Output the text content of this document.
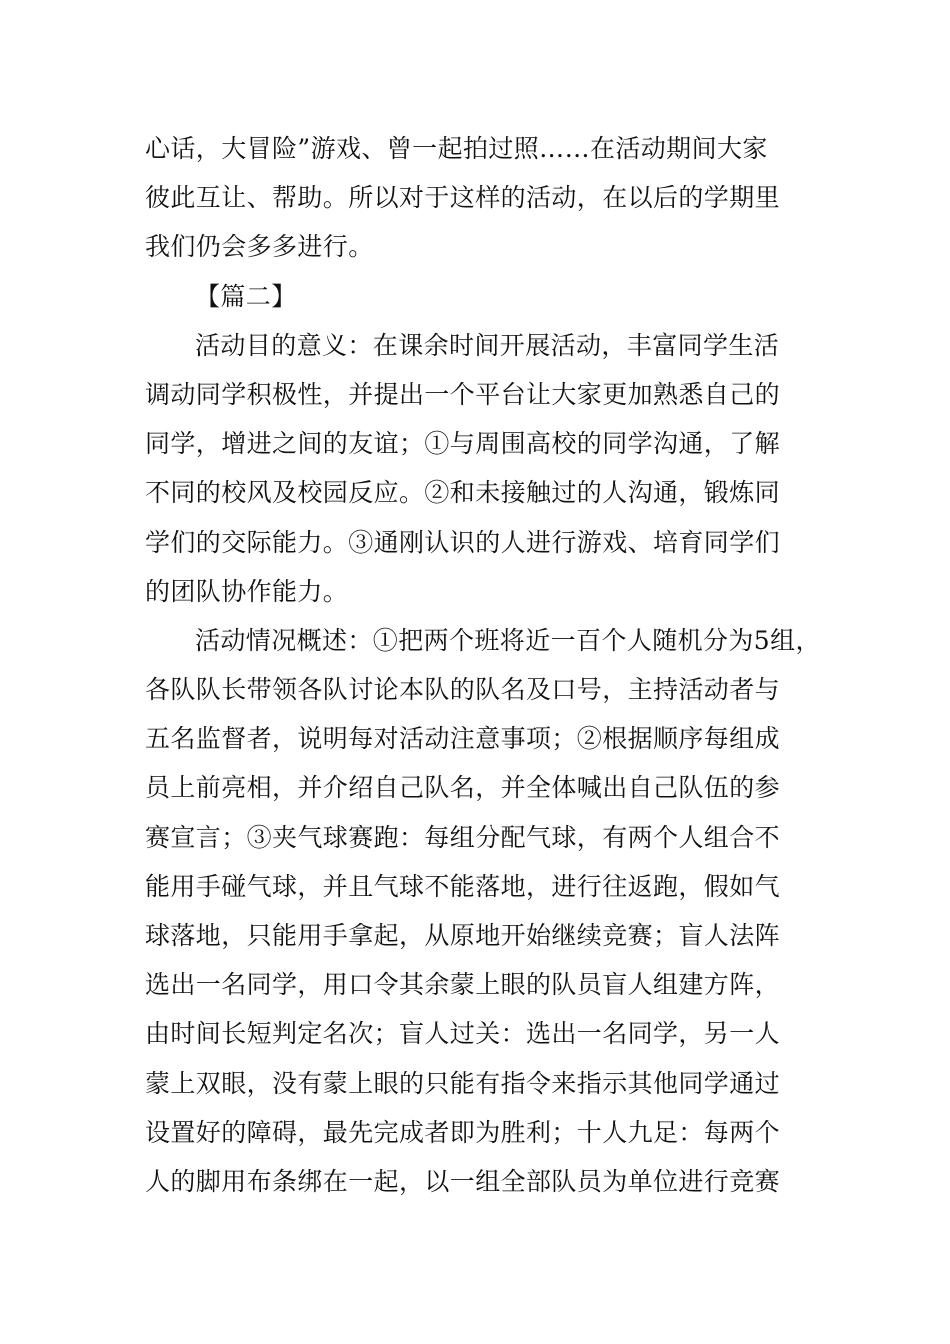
心话，大冒险”游戏、曾一起拍过照……在活动期间大家
彼此互让、帮助。所以对于这样的活动，在以后的学期里
我们仍会多多进行。
【篇二】
活动目的意义：在课余时间开展活动，丰富同学生活
调动同学积极性，并提出一个平台让大家更加熟悉自己的
同学，增进之间的友谊；①与周围高校的同学沟通，了解
不同的校风及校园反应。②和未接触过的人沟通，锻炼同
学们的交际能力。③通刚认识的人进行游戏、培育同学们
的团队协作能力。
活动情况概述：①把两个班将近一百个人随机分为5组，
各队队长带领各队讨论本队的队名及口号，主持活动者与
五名监督者，说明每对活动注意事项；②根据顺序每组成
员上前亮相，并介绍自己队名，并全体喊出自己队伍的参
赛宣言；③夹气球赛跑：每组分配气球，有两个人组合不
能用手碰气球，并且气球不能落地，进行往返跑，假如气
球落地，只能用手拿起，从原地开始继续竞赛；盲人法阵
选出一名同学，用口令其余蒙上眼的队员盲人组建方阵，
由时间长短判定名次；盲人过关：选出一名同学，另一人
蒙上双眼，没有蒙上眼的只能有指令来指示其他同学通过
设置好的障碍，最先完成者即为胜利；十人九足：每两个
人的脚用布条绑在一起，以一组全部队员为单位进行竞赛
